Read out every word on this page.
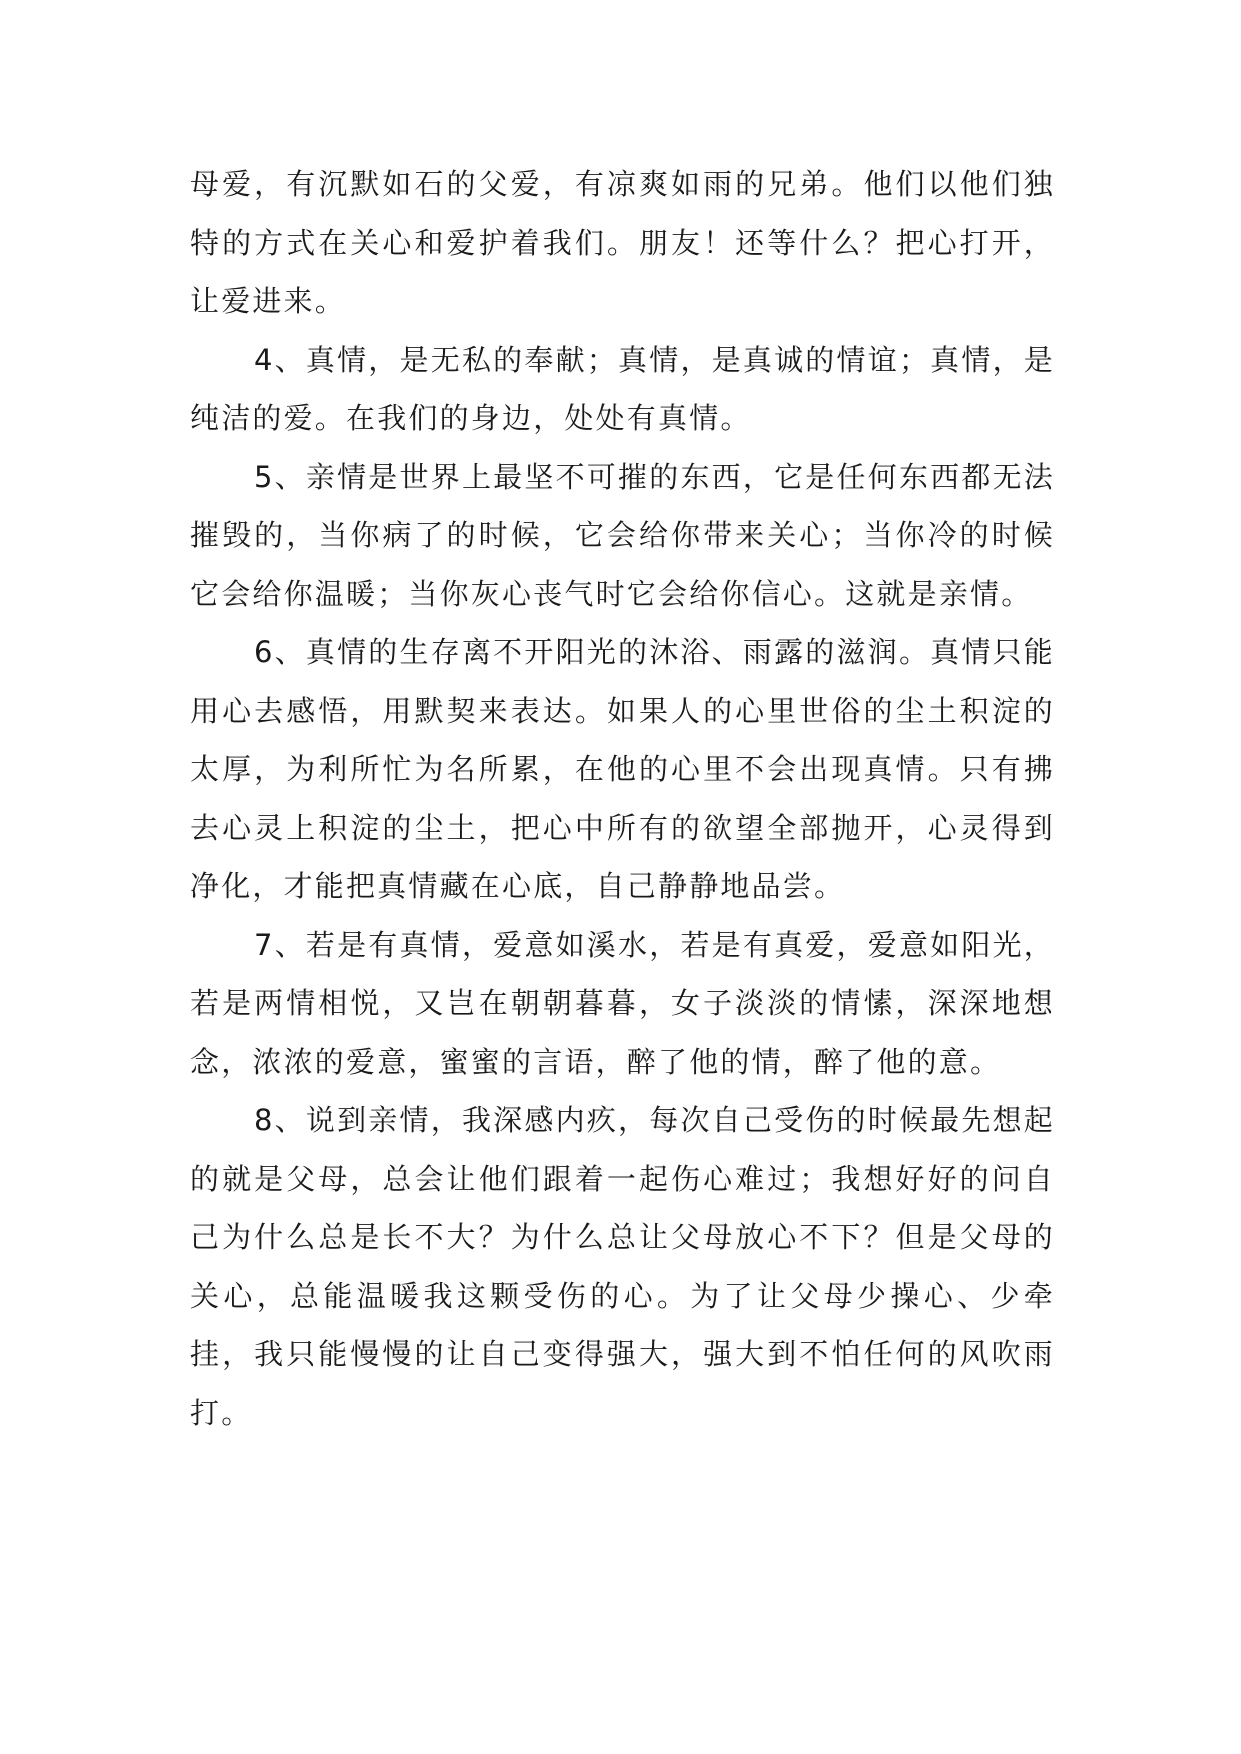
母爱，有沉默如石的父爱，有凉爽如雨的兄弟。他们以他们独特的方式在关心和爱护着我们。朋友！还等什么？把心打开，让爱进来。

4、真情，是无私的奉献；真情，是真诚的情谊；真情，是纯洁的爱。在我们的身边，处处有真情。

5、亲情是世界上最坚不可摧的东西，它是任何东西都无法摧毁的，当你病了的时候，它会给你带来关心；当你冷的时候它会给你温暖；当你灰心丧气时它会给你信心。这就是亲情。

6、真情的生存离不开阳光的沐浴、雨露的滋润。真情只能用心去感悟，用默契来表达。如果人的心里世俗的尘土积淀的太厚，为利所忙为名所累，在他的心里不会出现真情。只有拂去心灵上积淀的尘土，把心中所有的欲望全部抛开，心灵得到净化，才能把真情藏在心底，自己静静地品尝。

7、若是有真情，爱意如溪水，若是有真爱，爱意如阳光，若是两情相悦，又岂在朝朝暮暮，女子淡淡的情愫，深深地想念，浓浓的爱意，蜜蜜的言语，醉了他的情，醉了他的意。

8、说到亲情，我深感内疚，每次自己受伤的时候最先想起的就是父母，总会让他们跟着一起伤心难过；我想好好的问自己为什么总是长不大？为什么总让父母放心不下？但是父母的关心，总能温暖我这颗受伤的心。为了让父母少操心、少牵挂，我只能慢慢的让自己变得强大，强大到不怕任何的风吹雨打。
